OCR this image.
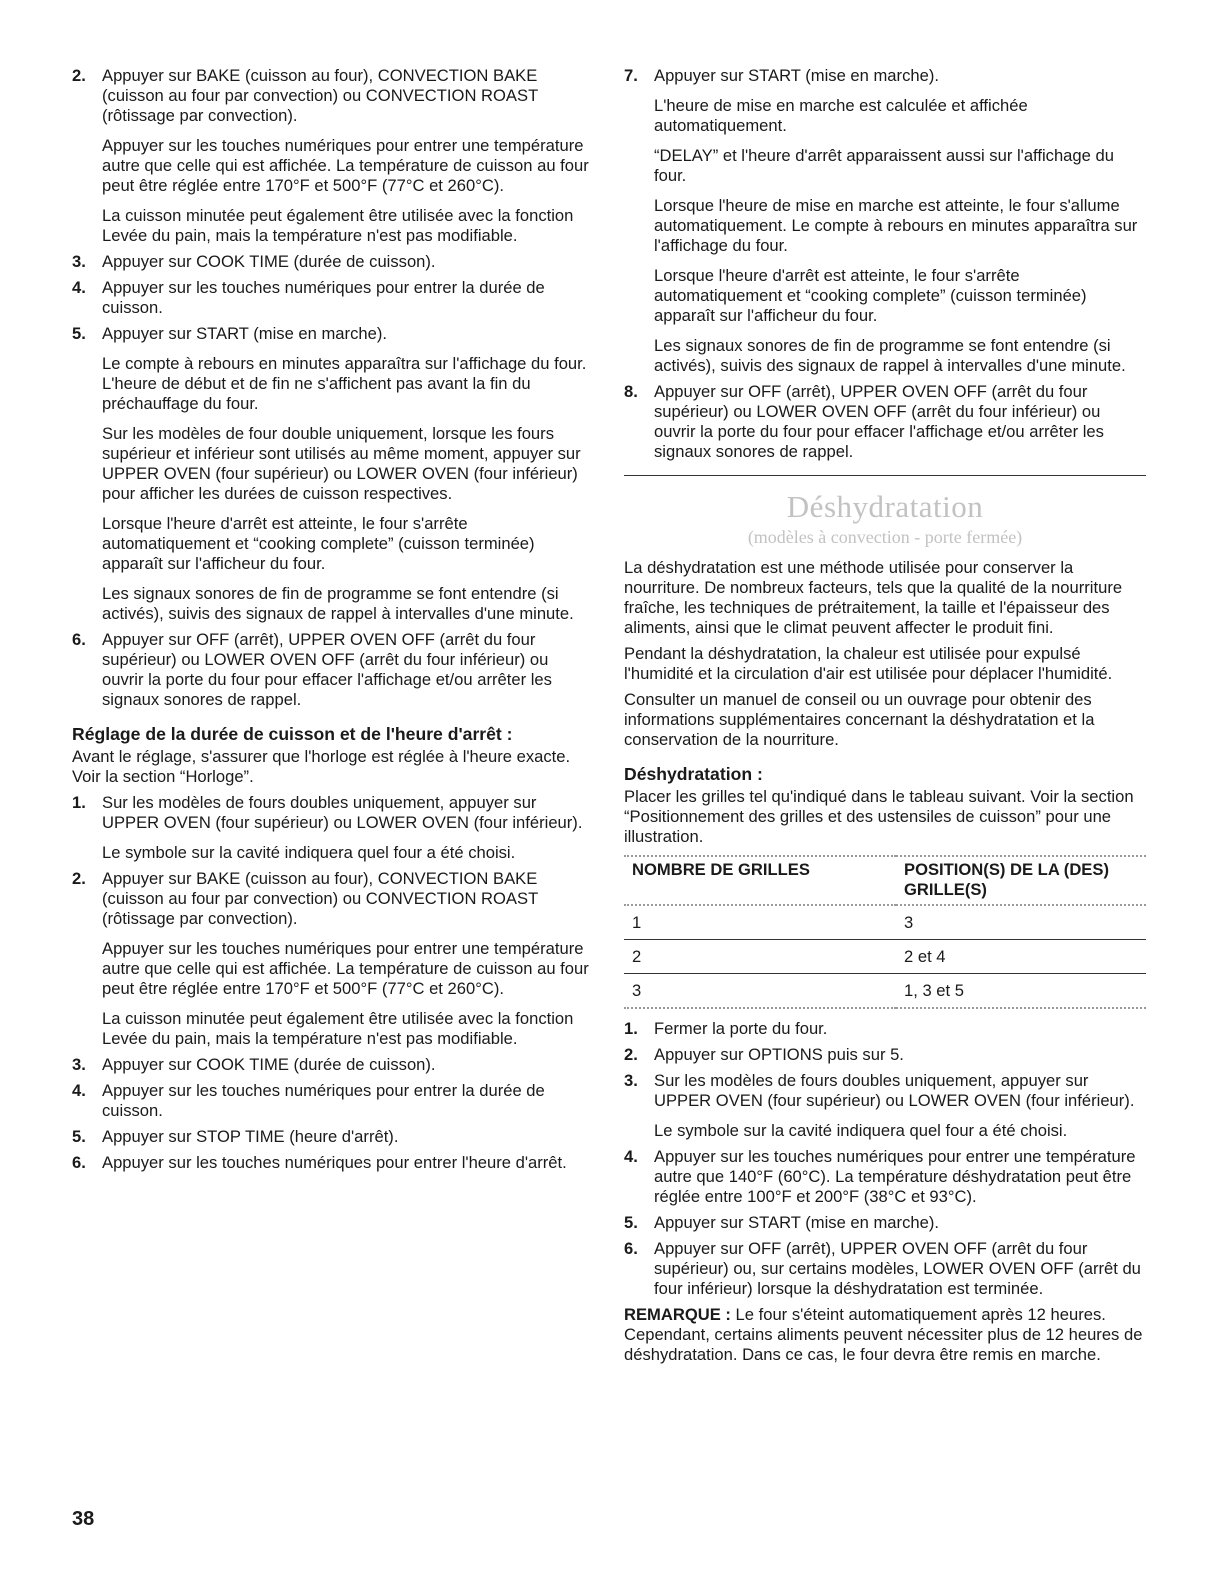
2. Appuyer sur BAKE (cuisson au four), CONVECTION BAKE (cuisson au four par convection) ou CONVECTION ROAST (rôtissage par convection).

Appuyer sur les touches numériques pour entrer une température autre que celle qui est affichée. La température de cuisson au four peut être réglée entre 170°F et 500°F (77°C et 260°C).

La cuisson minutée peut également être utilisée avec la fonction Levée du pain, mais la température n'est pas modifiable.

3. Appuyer sur COOK TIME (durée de cuisson).

4. Appuyer sur les touches numériques pour entrer la durée de cuisson.

5. Appuyer sur START (mise en marche).

Le compte à rebours en minutes apparaîtra sur l'affichage du four. L'heure de début et de fin ne s'affichent pas avant la fin du préchauffage du four.

Sur les modèles de four double uniquement, lorsque les fours supérieur et inférieur sont utilisés au même moment, appuyer sur UPPER OVEN (four supérieur) ou LOWER OVEN (four inférieur) pour afficher les durées de cuisson respectives.

Lorsque l'heure d'arrêt est atteinte, le four s'arrête automatiquement et “cooking complete” (cuisson terminée) apparaît sur l'afficheur du four.

Les signaux sonores de fin de programme se font entendre (si activés), suivis des signaux de rappel à intervalles d'une minute.

6. Appuyer sur OFF (arrêt), UPPER OVEN OFF (arrêt du four supérieur) ou LOWER OVEN OFF (arrêt du four inférieur) ou ouvrir la porte du four pour effacer l'affichage et/ou arrêter les signaux sonores de rappel.

Réglage de la durée de cuisson et de l'heure d'arrêt :

Avant le réglage, s'assurer que l'horloge est réglée à l'heure exacte. Voir la section “Horloge”.

1. Sur les modèles de fours doubles uniquement, appuyer sur UPPER OVEN (four supérieur) ou LOWER OVEN (four inférieur).

Le symbole sur la cavité indiquera quel four a été choisi.

2. Appuyer sur BAKE (cuisson au four), CONVECTION BAKE (cuisson au four par convection) ou CONVECTION ROAST (rôtissage par convection).

Appuyer sur les touches numériques pour entrer une température autre que celle qui est affichée. La température de cuisson au four peut être réglée entre 170°F et 500°F (77°C et 260°C).

La cuisson minutée peut également être utilisée avec la fonction Levée du pain, mais la température n'est pas modifiable.

3. Appuyer sur COOK TIME (durée de cuisson).

4. Appuyer sur les touches numériques pour entrer la durée de cuisson.

5. Appuyer sur STOP TIME (heure d'arrêt).

6. Appuyer sur les touches numériques pour entrer l'heure d'arrêt.

7. Appuyer sur START (mise en marche).

L'heure de mise en marche est calculée et affichée automatiquement.

“DELAY” et l'heure d'arrêt apparaissent aussi sur l'affichage du four.

Lorsque l'heure de mise en marche est atteinte, le four s'allume automatiquement. Le compte à rebours en minutes apparaîtra sur l'affichage du four.

Lorsque l'heure d'arrêt est atteinte, le four s'arrête automatiquement et “cooking complete” (cuisson terminée) apparaît sur l'afficheur du four.

Les signaux sonores de fin de programme se font entendre (si activés), suivis des signaux de rappel à intervalles d'une minute.

8. Appuyer sur OFF (arrêt), UPPER OVEN OFF (arrêt du four supérieur) ou LOWER OVEN OFF (arrêt du four inférieur) ou ouvrir la porte du four pour effacer l'affichage et/ou arrêter les signaux sonores de rappel.

Déshydratation
(modèles à convection - porte fermée)

La déshydratation est une méthode utilisée pour conserver la nourriture. De nombreux facteurs, tels que la qualité de la nourriture fraîche, les techniques de prétraitement, la taille et l'épaisseur des aliments, ainsi que le climat peuvent affecter le produit fini.

Pendant la déshydratation, la chaleur est utilisée pour expulsé l'humidité et la circulation d'air est utilisée pour déplacer l'humidité.

Consulter un manuel de conseil ou un ouvrage pour obtenir des informations supplémentaires concernant la déshydratation et la conservation de la nourriture.

Déshydratation :

Placer les grilles tel qu'indiqué dans le tableau suivant. Voir la section “Positionnement des grilles et des ustensiles de cuisson” pour une illustration.

NOMBRE DE GRILLES	POSITION(S) DE LA (DES) GRILLE(S)
1	3
2	2 et 4
3	1, 3 et 5
1. Fermer la porte du four.

2. Appuyer sur OPTIONS puis sur 5.

3. Sur les modèles de fours doubles uniquement, appuyer sur UPPER OVEN (four supérieur) ou LOWER OVEN (four inférieur).

Le symbole sur la cavité indiquera quel four a été choisi.

4. Appuyer sur les touches numériques pour entrer une température autre que 140°F (60°C). La température déshydratation peut être réglée entre 100°F et 200°F (38°C et 93°C).

5. Appuyer sur START (mise en marche).

6. Appuyer sur OFF (arrêt), UPPER OVEN OFF (arrêt du four supérieur) ou, sur certains modèles, LOWER OVEN OFF (arrêt du four inférieur) lorsque la déshydratation est terminée.

REMARQUE : Le four s'éteint automatiquement après 12 heures. Cependant, certains aliments peuvent nécessiter plus de 12 heures de déshydratation. Dans ce cas, le four devra être remis en marche.

38
